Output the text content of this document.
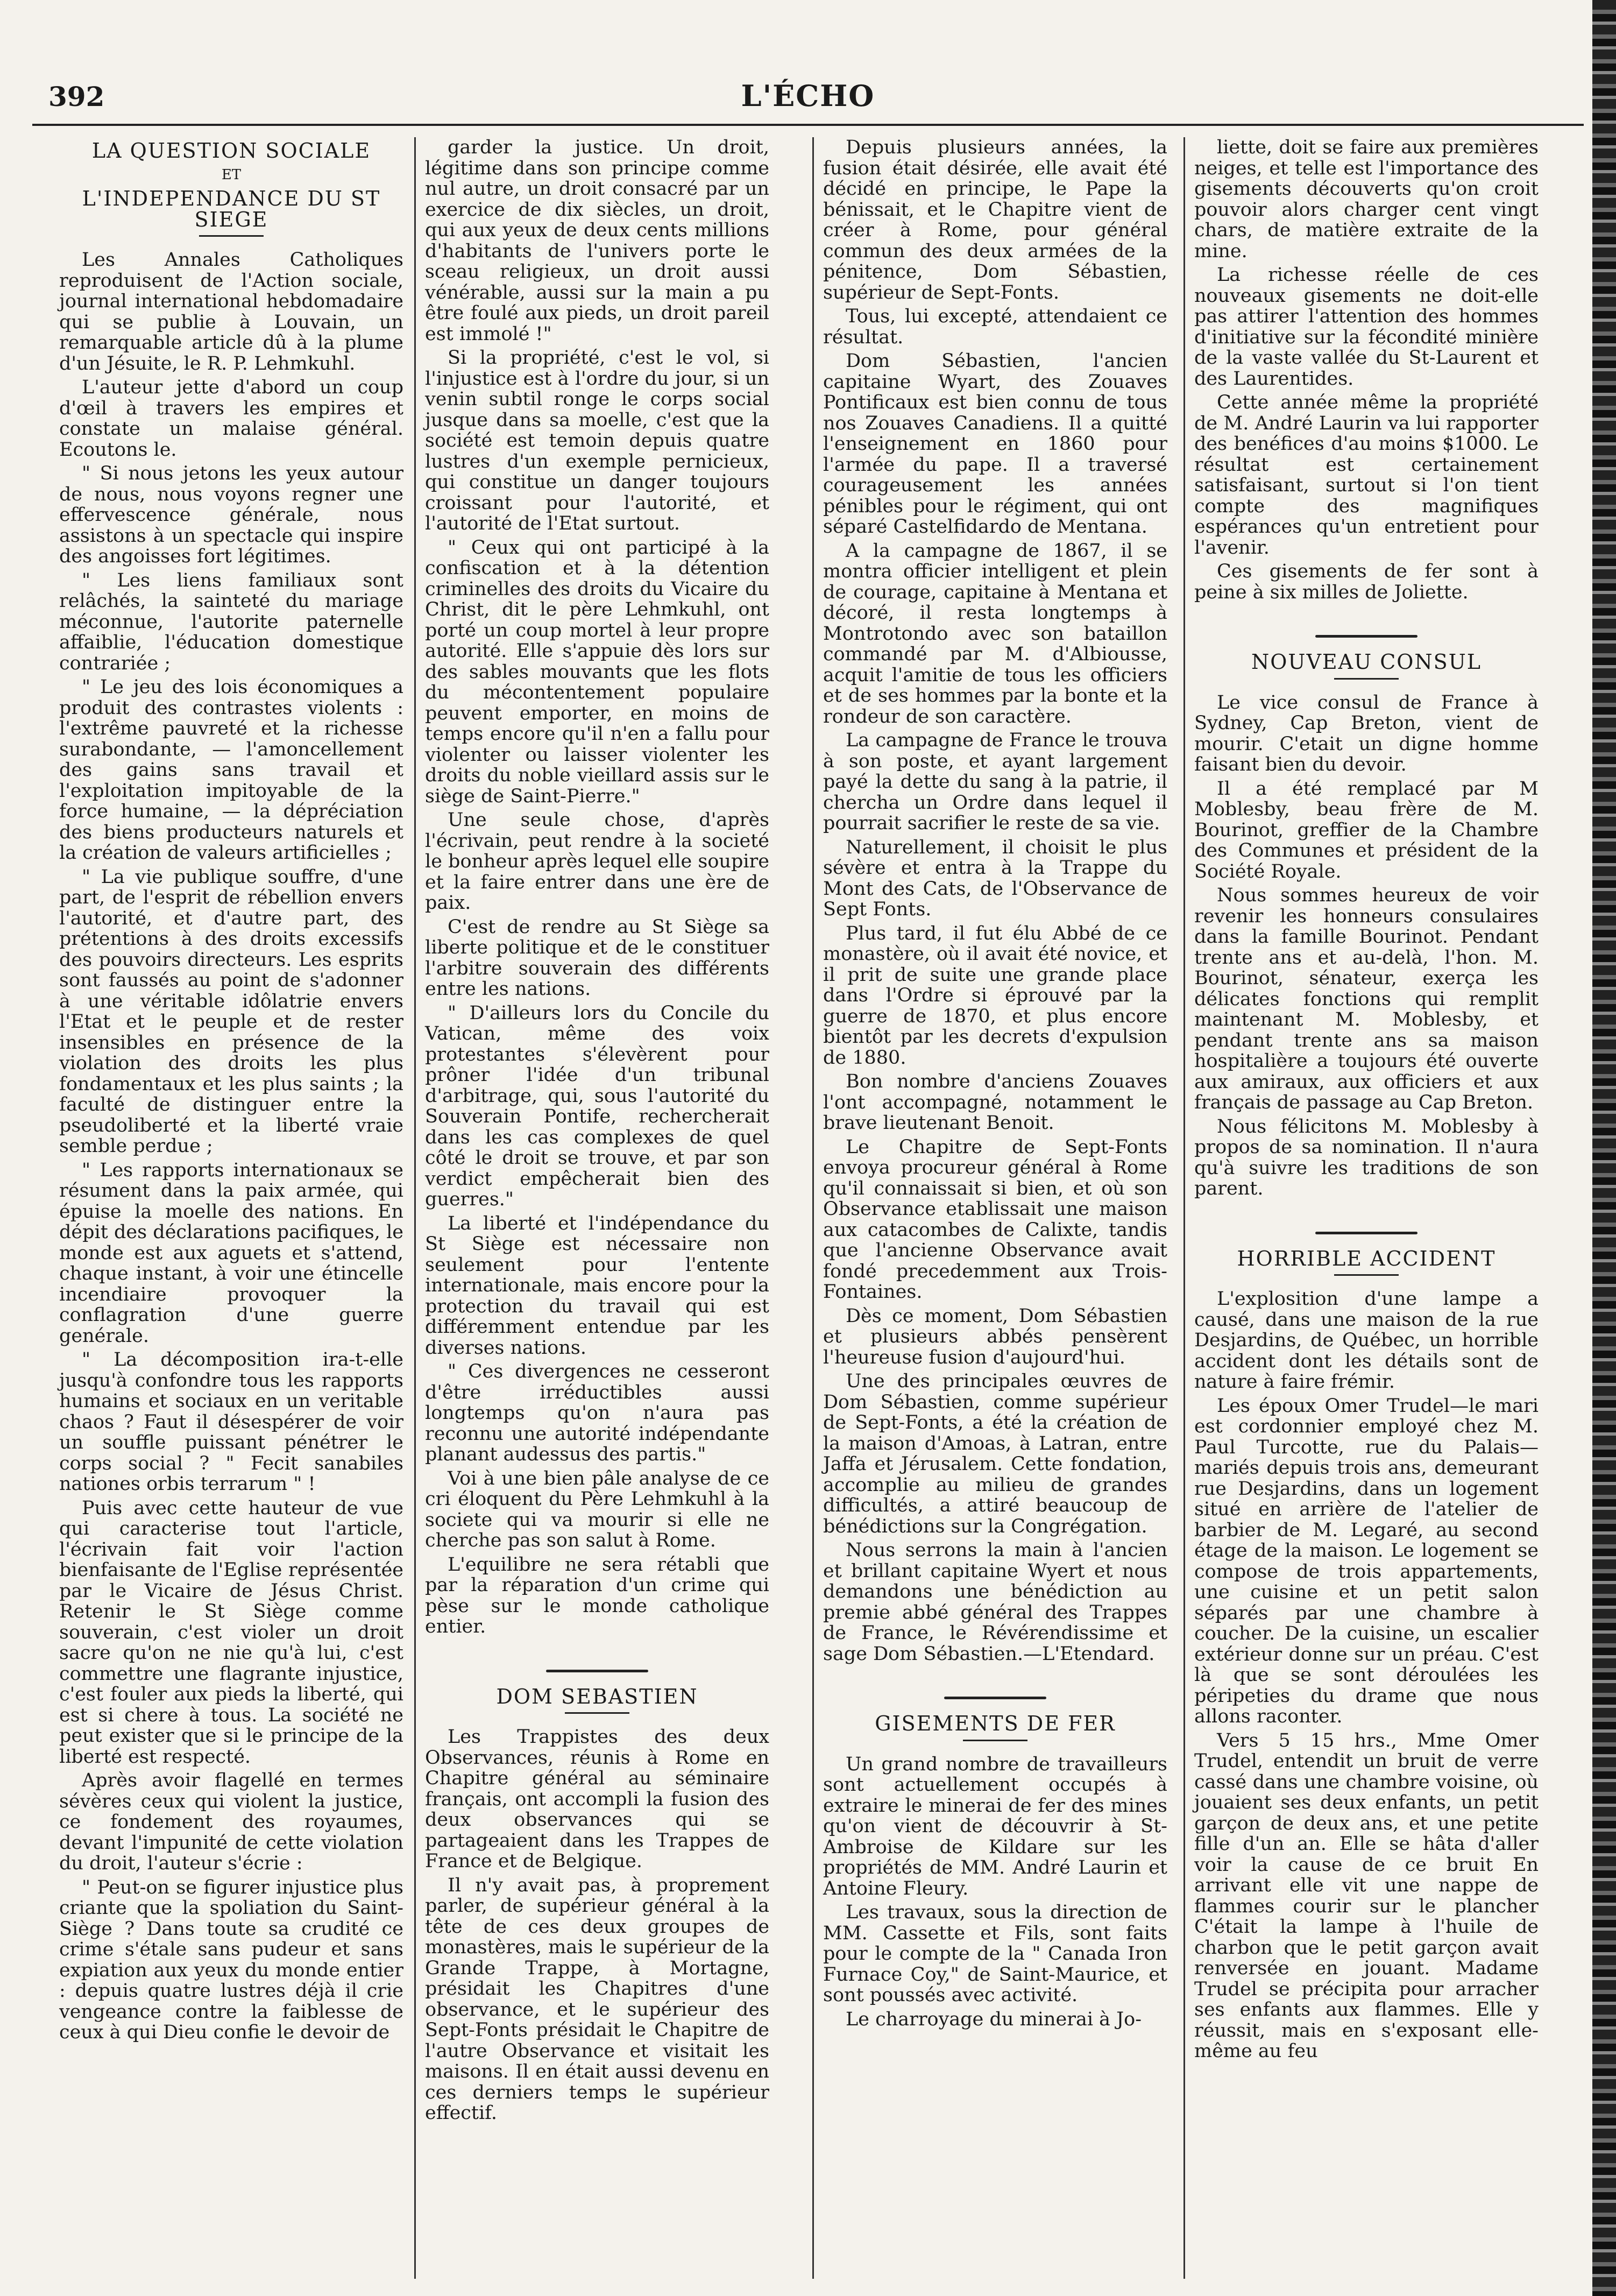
392	L'ÉCHO
LA QUESTION SOCIALE
ET
L'INDEPENDANCE DU ST SIEGE

Les Annales Catholiques reproduisent de l'Action sociale, journal international hebdomadaire qui se publie à Louvain, un remarquable article dû à la plume d'un Jésuite, le R. P. Lehmkuhl.

L'auteur jette d'abord un coup d'œil à travers les empires et constate un malaise général. Ecoutons le.

" Si nous jetons les yeux autour de nous, nous voyons regner une effervescence générale, nous assistons à un spectacle qui inspire des angoisses fort légitimes.

" Les liens familiaux sont relâchés, la sainteté du mariage méconnue, l'autorite paternelle affaiblie, l'éducation domestique contrariée ;

" Le jeu des lois économiques a produit des contrastes violents : l'extrême pauvreté et la richesse surabondante, — l'amoncellement des gains sans travail et l'exploitation impitoyable de la force humaine, — la dépréciation des biens producteurs naturels et la création de valeurs artificielles ;

" La vie publique souffre, d'une part, de l'esprit de rébellion envers l'autorité, et d'autre part, des prétentions à des droits excessifs des pouvoirs directeurs. Les esprits sont faussés au point de s'adonner à une véritable idôlatrie envers l'Etat et le peuple et de rester insensibles en présence de la violation des droits les plus fondamentaux et les plus saints ; la faculté de distinguer entre la pseudoliberté et la liberté vraie semble perdue ;

" Les rapports internationaux se résument dans la paix armée, qui épuise la moelle des nations. En dépit des déclarations pacifiques, le monde est aux aguets et s'attend, chaque instant, à voir une étincelle incendiaire provoquer la conflagration d'une guerre genérale.

" La décomposition ira-t-elle jusqu'à confondre tous les rapports humains et sociaux en un veritable chaos ? Faut il désespérer de voir un souffle puissant pénétrer le corps social ? " Fecit sanabiles nationes orbis terrarum " !

Puis avec cette hauteur de vue qui caracterise tout l'article, l'écrivain fait voir l'action bienfaisante de l'Eglise représentée par le Vicaire de Jésus Christ. Retenir le St Siège comme souverain, c'est violer un droit sacre qu'on ne nie qu'à lui, c'est commettre une flagrante injustice, c'est fouler aux pieds la liberté, qui est si chere à tous. La société ne peut exister que si le principe de la liberté est respecté.

Après avoir flagellé en termes sévères ceux qui violent la justice, ce fondement des royaumes, devant l'impunité de cette violation du droit, l'auteur s'écrie :

" Peut-on se figurer injustice plus criante que la spoliation du Saint-Siège ? Dans toute sa crudité ce crime s'étale sans pudeur et sans expiation aux yeux du monde entier : depuis quatre lustres déjà il crie vengeance contre la faiblesse de ceux à qui Dieu confie le devoir de

garder la justice. Un droit, légitime dans son principe comme nul autre, un droit consacré par un exercice de dix siècles, un droit, qui aux yeux de deux cents millions d'habitants de l'univers porte le sceau religieux, un droit aussi vénérable, aussi sur la main a pu être foulé aux pieds, un droit pareil est immolé !"

Si la propriété, c'est le vol, si l'injustice est à l'ordre du jour, si un venin subtil ronge le corps social jusque dans sa moelle, c'est que la société est temoin depuis quatre lustres d'un exemple pernicieux, qui constitue un danger toujours croissant pour l'autorité, et l'autorité de l'Etat surtout.

" Ceux qui ont participé à la confiscation et à la détention criminelles des droits du Vicaire du Christ, dit le père Lehmkuhl, ont porté un coup mortel à leur propre autorité. Elle s'appuie dès lors sur des sables mouvants que les flots du mécontentement populaire peuvent emporter, en moins de temps encore qu'il n'en a fallu pour violenter ou laisser violenter les droits du noble vieillard assis sur le siège de Saint-Pierre."

Une seule chose, d'après l'écrivain, peut rendre à la societé le bonheur après lequel elle soupire et la faire entrer dans une ère de paix.

C'est de rendre au St Siège sa liberte politique et de le constituer l'arbitre souverain des différents entre les nations.

" D'ailleurs lors du Concile du Vatican, même des voix protestantes s'élevèrent pour prôner l'idée d'un tribunal d'arbitrage, qui, sous l'autorité du Souverain Pontife, rechercherait dans les cas complexes de quel côté le droit se trouve, et par son verdict empêcherait bien des guerres."

La liberté et l'indépendance du St Siège est nécessaire non seulement pour l'entente internationale, mais encore pour la protection du travail qui est différemment entendue par les diverses nations.

" Ces divergences ne cesseront d'être irréductibles aussi longtemps qu'on n'aura pas reconnu une autorité indépendante planant audessus des partis."

Voi à une bien pâle analyse de ce cri éloquent du Père Lehmkuhl à la societe qui va mourir si elle ne cherche pas son salut à Rome.

L'equilibre ne sera rétabli que par la réparation d'un crime qui pèse sur le monde catholique entier.

DOM SEBASTIEN

Les Trappistes des deux Observances, réunis à Rome en Chapitre général au séminaire français, ont accompli la fusion des deux observances qui se partageaient dans les Trappes de France et de Belgique.

Il n'y avait pas, à proprement parler, de supérieur général à la tête de ces deux groupes de monastères, mais le supérieur de la Grande Trappe, à Mortagne, présidait les Chapitres d'une observance, et le supérieur des Sept-Fonts présidait le Chapitre de l'autre Observance et visitait les maisons. Il en était aussi devenu en ces derniers temps le supérieur effectif.

Depuis plusieurs années, la fusion était désirée, elle avait été décidé en principe, le Pape la bénissait, et le Chapitre vient de créer à Rome, pour général commun des deux armées de la pénitence, Dom Sébastien, supérieur de Sept-Fonts.

Tous, lui excepté, attendaient ce résultat.

Dom Sébastien, l'ancien capitaine Wyart, des Zouaves Pontificaux est bien connu de tous nos Zouaves Canadiens. Il a quitté l'enseignement en 1860 pour l'armée du pape. Il a traversé courageusement les années pénibles pour le régiment, qui ont séparé Castelfidardo de Mentana.

A la campagne de 1867, il se montra officier intelligent et plein de courage, capitaine à Mentana et décoré, il resta longtemps à Montrotondo avec son bataillon commandé par M. d'Albiousse, acquit l'amitie de tous les officiers et de ses hommes par la bonte et la rondeur de son caractère.

La campagne de France le trouva à son poste, et ayant largement payé la dette du sang à la patrie, il chercha un Ordre dans lequel il pourrait sacrifier le reste de sa vie.

Naturellement, il choisit le plus sévère et entra à la Trappe du Mont des Cats, de l'Observance de Sept Fonts.

Plus tard, il fut élu Abbé de ce monastère, où il avait été novice, et il prit de suite une grande place dans l'Ordre si éprouvé par la guerre de 1870, et plus encore bientôt par les decrets d'expulsion de 1880.

Bon nombre d'anciens Zouaves l'ont accompagné, notamment le brave lieutenant Benoit.

Le Chapitre de Sept-Fonts envoya procureur général à Rome qu'il connaissait si bien, et où son Observance etablissait une maison aux catacombes de Calixte, tandis que l'ancienne Observance avait fondé precedemment aux Trois-Fontaines.

Dès ce moment, Dom Sébastien et plusieurs abbés pensèrent l'heureuse fusion d'aujourd'hui.

Une des principales œuvres de Dom Sébastien, comme supérieur de Sept-Fonts, a été la création de la maison d'Amoas, à Latran, entre Jaffa et Jérusalem. Cette fondation, accomplie au milieu de grandes difficultés, a attiré beaucoup de bénédictions sur la Congrégation.

Nous serrons la main à l'ancien et brillant capitaine Wyert et nous demandons une bénédiction au premie abbé général des Trappes de France, le Révérendissime et sage Dom Sébastien.—L'Etendard.

GISEMENTS DE FER

Un grand nombre de travailleurs sont actuellement occupés à extraire le minerai de fer des mines qu'on vient de découvrir à St-Ambroise de Kildare sur les propriétés de MM. André Laurin et Antoine Fleury.

Les travaux, sous la direction de MM. Cassette et Fils, sont faits pour le compte de la " Canada Iron Furnace Coy," de Saint-Maurice, et sont poussés avec activité.

Le charroyage du minerai à Jo-

liette, doit se faire aux premières neiges, et telle est l'importance des gisements découverts qu'on croit pouvoir alors charger cent vingt chars, de matière extraite de la mine.

La richesse réelle de ces nouveaux gisements ne doit-elle pas attirer l'attention des hommes d'initiative sur la fécondité minière de la vaste vallée du St-Laurent et des Laurentides.

Cette année même la propriété de M. André Laurin va lui rapporter des benéfices d'au moins $1000. Le résultat est certainement satisfaisant, surtout si l'on tient compte des magnifiques espérances qu'un entretient pour l'avenir.

Ces gisements de fer sont à peine à six milles de Joliette.

NOUVEAU CONSUL

Le vice consul de France à Sydney, Cap Breton, vient de mourir. C'etait un digne homme faisant bien du devoir.

Il a été remplacé par M Moblesby, beau frère de M. Bourinot, greffier de la Chambre des Communes et président de la Société Royale.

Nous sommes heureux de voir revenir les honneurs consulaires dans la famille Bourinot. Pendant trente ans et au-delà, l'hon. M. Bourinot, sénateur, exerça les délicates fonctions qui remplit maintenant M. Moblesby, et pendant trente ans sa maison hospitalière a toujours été ouverte aux amiraux, aux officiers et aux français de passage au Cap Breton.

Nous félicitons M. Moblesby à propos de sa nomination. Il n'aura qu'à suivre les traditions de son parent.

HORRIBLE ACCIDENT

L'explosition d'une lampe a causé, dans une maison de la rue Desjardins, de Québec, un horrible accident dont les détails sont de nature à faire frémir.

Les époux Omer Trudel—le mari est cordonnier employé chez M. Paul Turcotte, rue du Palais—mariés depuis trois ans, demeurant rue Desjardins, dans un logement situé en arrière de l'atelier de barbier de M. Legaré, au second étage de la maison. Le logement se compose de trois appartements, une cuisine et un petit salon séparés par une chambre à coucher. De la cuisine, un escalier extérieur donne sur un préau. C'est là que se sont déroulées les péripeties du drame que nous allons raconter.

Vers 5 15 hrs., Mme Omer Trudel, entendit un bruit de verre cassé dans une chambre voisine, où jouaient ses deux enfants, un petit garçon de deux ans, et une petite fille d'un an. Elle se hâta d'aller voir la cause de ce bruit En arrivant elle vit une nappe de flammes courir sur le plancher C'était la lampe à l'huile de charbon que le petit garçon avait renversée en jouant. Madame Trudel se précipita pour arracher ses enfants aux flammes. Elle y réussit, mais en s'exposant elle-même au feu
